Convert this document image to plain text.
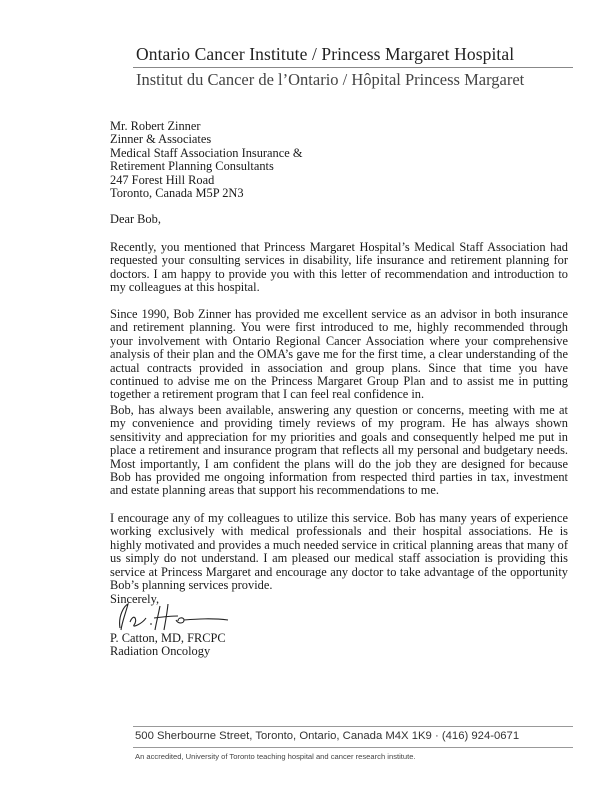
Ontario Cancer Institute / Princess Margaret Hospital
Institut du Cancer de l’Ontario / Hôpital Princess Margaret
Mr. Robert Zinner
Zinner & Associates
Medical Staff Association Insurance &
Retirement Planning Consultants
247 Forest Hill Road
Toronto, Canada M5P 2N3
Dear Bob,
Recently, you mentioned that Princess Margaret Hospital’s Medical Staff Association had
requested your consulting services in disability, life insurance and retirement planning for
doctors. I am happy to provide you with this letter of recommendation and introduction to
my colleagues at this hospital.
Since 1990, Bob Zinner has provided me excellent service as an advisor in both insurance
and retirement planning. You were first introduced to me, highly recommended through
your involvement with Ontario Regional Cancer Association where your comprehensive
analysis of their plan and the OMA’s gave me for the first time, a clear understanding of the
actual contracts provided in association and group plans. Since that time you have
continued to advise me on the Princess Margaret Group Plan and to assist me in putting
together a retirement program that I can feel real confidence in.
Bob, has always been available, answering any question or concerns, meeting with me at
my convenience and providing timely reviews of my program. He has always shown
sensitivity and appreciation for my priorities and goals and consequently helped me put in
place a retirement and insurance program that reflects all my personal and budgetary needs.
Most importantly, I am confident the plans will do the job they are designed for because
Bob has provided me ongoing information from respected third parties in tax, investment
and estate planning areas that support his recommendations to me.
I encourage any of my colleagues to utilize this service. Bob has many years of experience
working exclusively with medical professionals and their hospital associations. He is
highly motivated and provides a much needed service in critical planning areas that many of
us simply do not understand. I am pleased our medical staff association is providing this
service at Princess Margaret and encourage any doctor to take advantage of the opportunity
Bob’s planning services provide.
Sincerely,
P. Catton, MD, FRCPC
Radiation Oncology
500 Sherbourne Street, Toronto, Ontario, Canada M4X 1K9 · (416) 924-0671
An accredited, University of Toronto teaching hospital and cancer research institute.
